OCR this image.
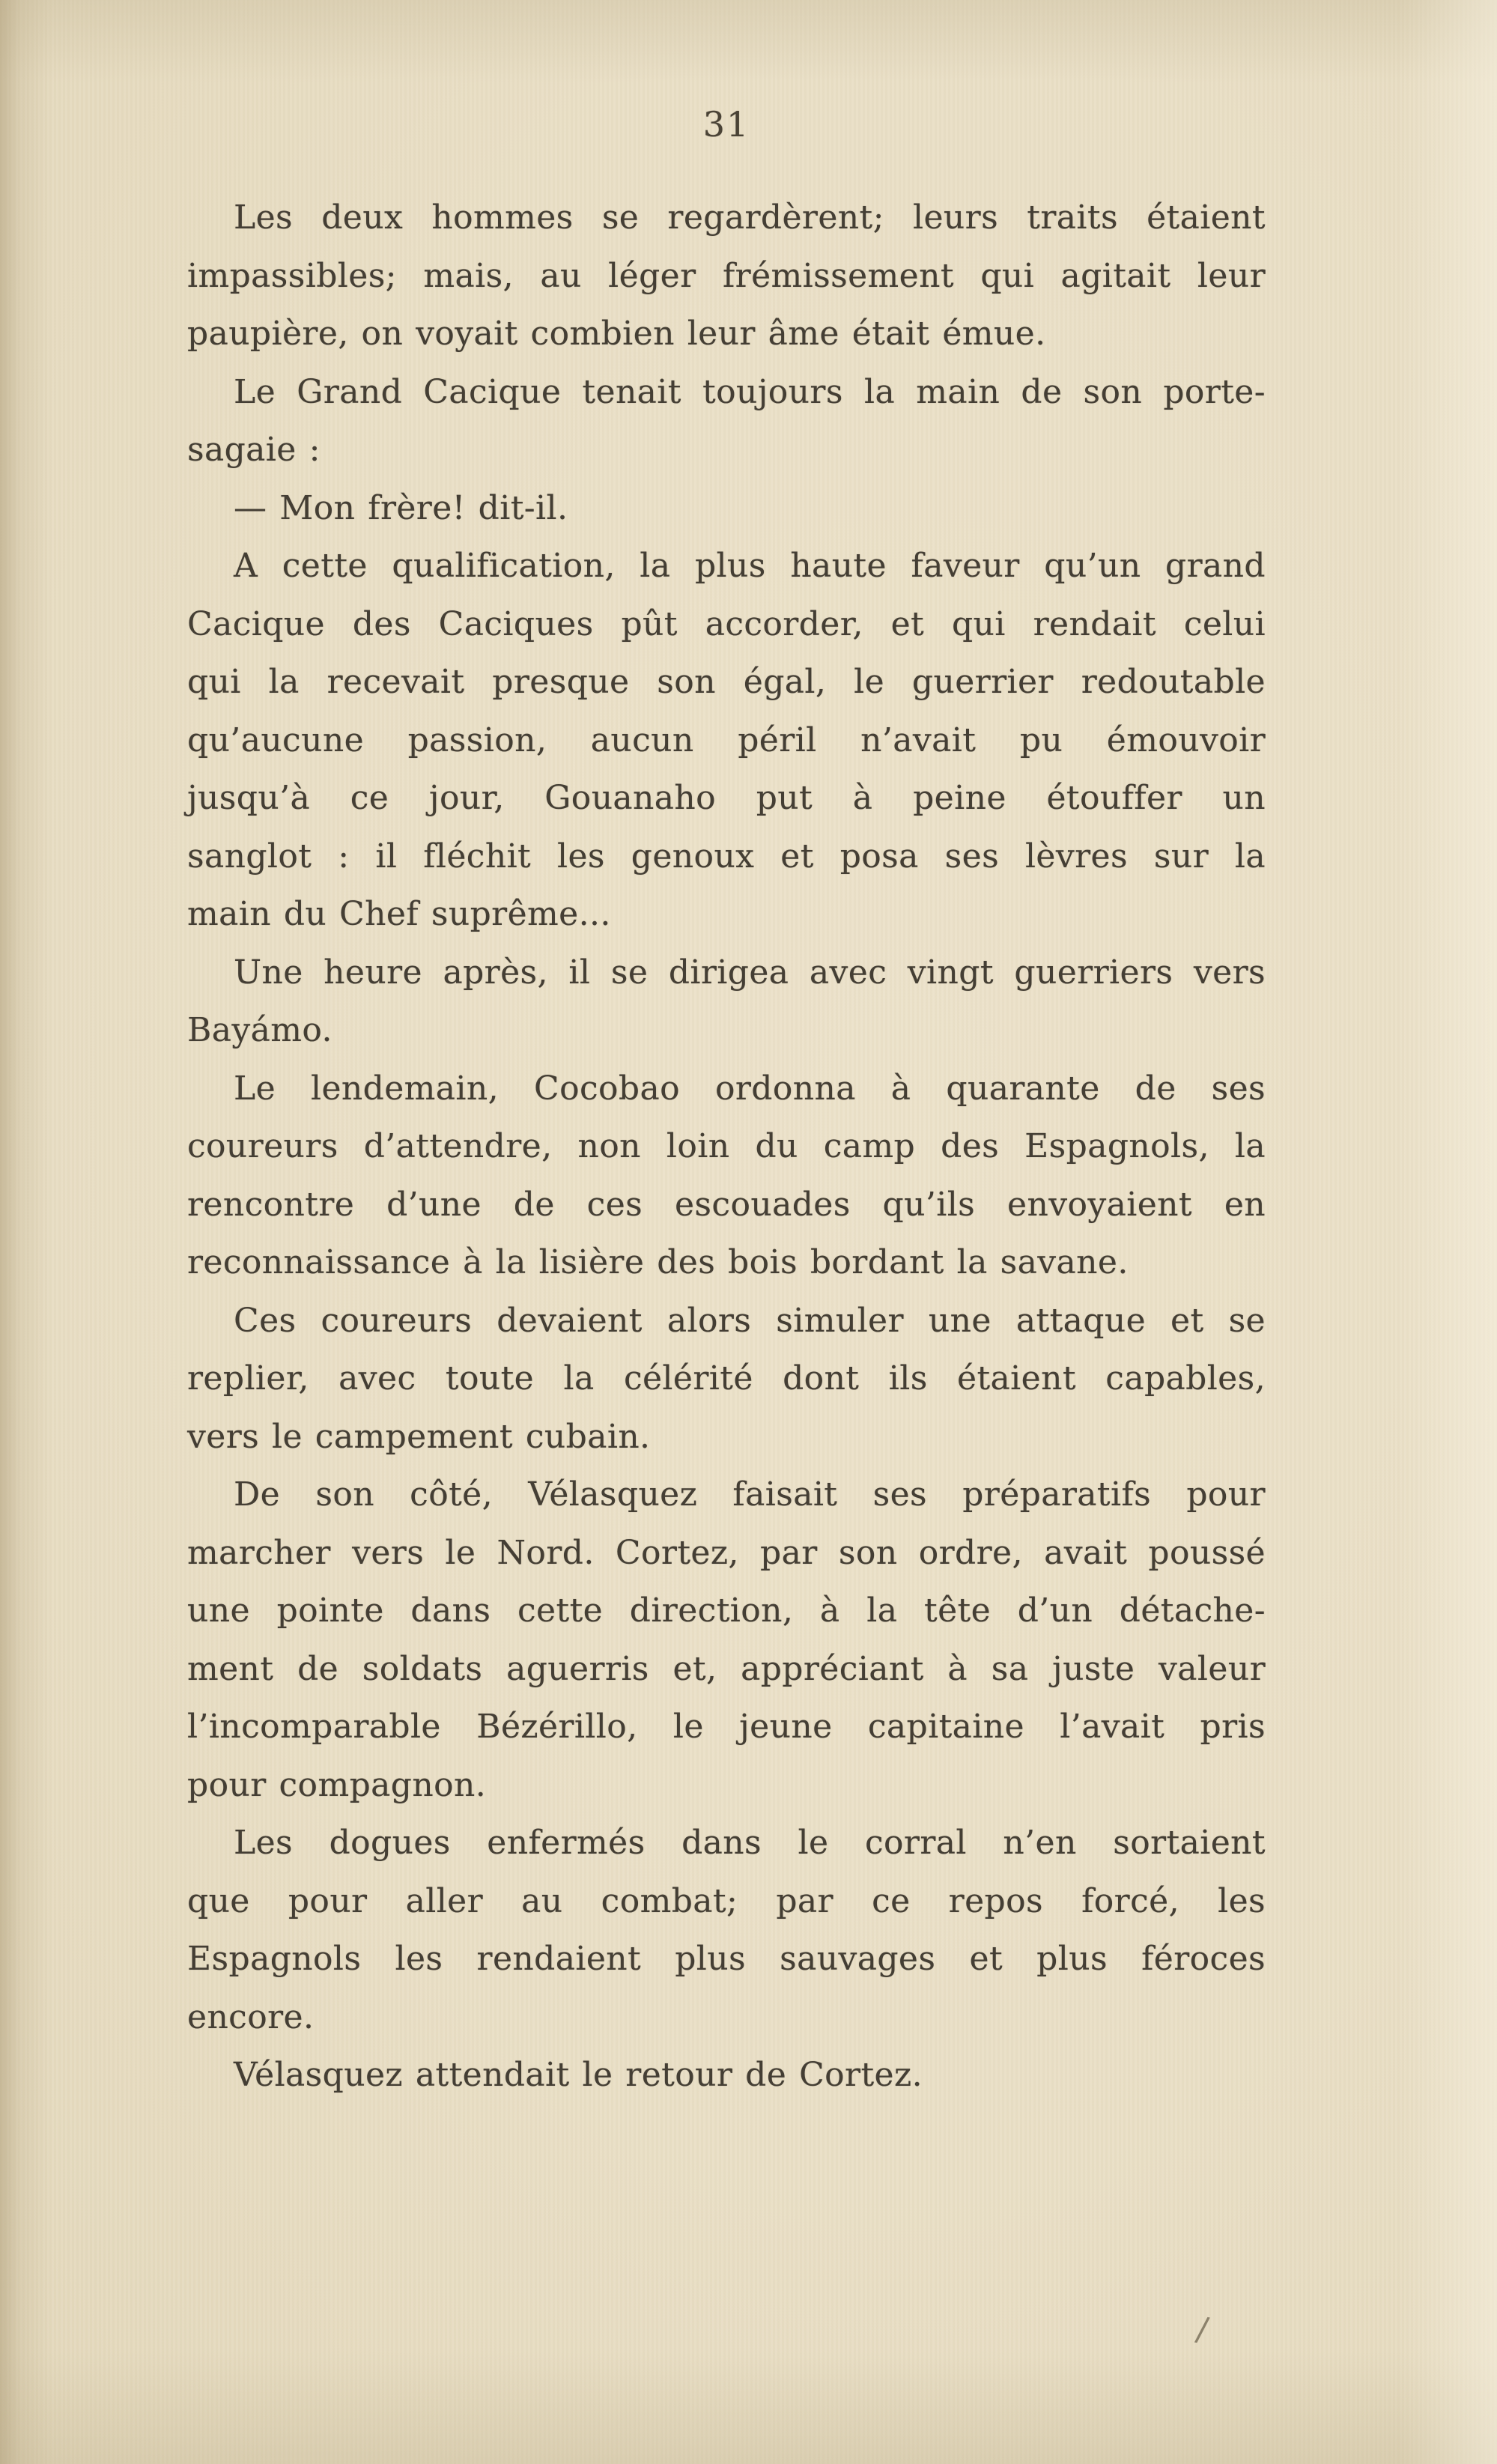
31
Les deux hommes se regardèrent; leurs traits étaient
impassibles; mais, au léger frémissement qui agitait leur
paupière, on voyait combien leur âme était émue.
Le Grand Cacique tenait toujours la main de son porte-
sagaie :
— Mon frère! dit-il.
A cette qualification, la plus haute faveur qu’un grand
Cacique des Caciques pût accorder, et qui rendait celui
qui la recevait presque son égal, le guerrier redoutable
qu’aucune passion, aucun péril n’avait pu émouvoir
jusqu’à ce jour, Gouanaho put à peine étouffer un
sanglot : il fléchit les genoux et posa ses lèvres sur la
main du Chef suprême...
Une heure après, il se dirigea avec vingt guerriers vers
Bayámo.
Le lendemain, Cocobao ordonna à quarante de ses
coureurs d’attendre, non loin du camp des Espagnols, la
rencontre d’une de ces escouades qu’ils envoyaient en
reconnaissance à la lisière des bois bordant la savane.
Ces coureurs devaient alors simuler une attaque et se
replier, avec toute la célérité dont ils étaient capables,
vers le campement cubain.
De son côté, Vélasquez faisait ses préparatifs pour
marcher vers le Nord. Cortez, par son ordre, avait poussé
une pointe dans cette direction, à la tête d’un détache-
ment de soldats aguerris et, appréciant à sa juste valeur
l’incomparable Bézérillo, le jeune capitaine l’avait pris
pour compagnon.
Les dogues enfermés dans le corral n’en sortaient
que pour aller au combat; par ce repos forcé, les
Espagnols les rendaient plus sauvages et plus féroces
encore.
Vélasquez attendait le retour de Cortez.
/
